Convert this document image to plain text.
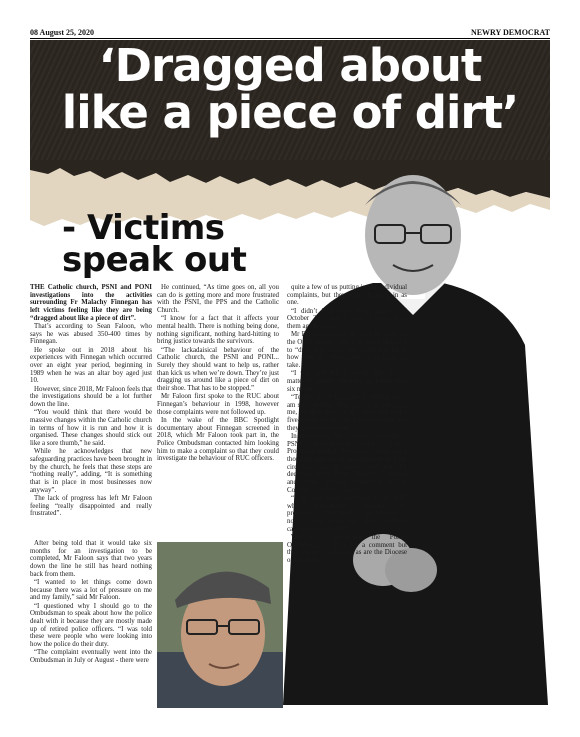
08 August 25, 2020	NEWRY DEMOCRAT
‘Dragged about
like a piece of dirt’
- Victims
speak out

THE Catholic church, PSNI and PONI investigations into the activities surrounding Fr Malachy Finnegan has left victims feeling like they are being “dragged about like a piece of dirt”.

That’s according to Sean Faloon, who says he was abused 350-400 times by Finnegan.

He spoke out in 2018 about his experiences with Finnegan which occurred over an eight year period, beginning in 1989 when he was an altar boy aged just 10.

However, since 2018, Mr Faloon feels that the investigations should be a lot further down the line.

“You would think that there would be massive changes within the Catholic church in terms of how it is run and how it is organised. These changes should stick out like a sore thumb,” he said.

While he acknowledges that new safeguarding practices have been brought in by the church, he feels that these steps are “nothing really”, adding, “It is something that is in place in most businesses now anyway”.

The lack of progress has left Mr Faloon feeling “really disappointed and really frustrated”.

He continued, “As time goes on, all you can do is getting more and more frustrated with the PSNI, the PPS and the Catholic Church.

“I know for a fact that it affects your mental health. There is nothing being done, nothing significant, nothing hard-hitting to bring justice towards the survivors.

“The lackadaisical behaviour of the Catholic church, the PSNI and PONI... Surely they should want to help us, rather than kick us when we’re down. They’re just dragging us around like a piece of dirt on their shoe. That has to be stopped.”

Mr Faloon first spoke to the RUC about Finnegan’s behaviour in 1998, however those complaints were not followed up.

In the wake of the BBC Spotlight documentary about Finnegan screened in 2018, which Mr Faloon took part in, the Police Ombudsman contacted him looking him to make a complaint so that they could investigate the behaviour of RUC officers.

After being told that it would take six months for an investigation to be completed, Mr Faloon says that two years down the line he still has heard nothing back from them.

“I wanted to let things come down because there was a lot of pressure on me and my family,” said Mr Faloon.

“I questioned why I should go to the Ombudsman to speak about how the police dealt with it because they are mostly made up of retired police officers. “I was told these were people who were looking into how the police do their duty.

“The complaint eventually went into the Ombudsman in July or August - there were

quite a few of us putting in our individual complaints, but they were all going in as one.

“I didn’t hear from them again until October 2018 and I haven’t heard from them again since.”

Mr Faloon says that in when he spoke to the Ombudsman’s office he urged them not to “drag their heels” and wanted to know how long the investigation was going to take.

“I was told that it would take only a matter of months, definitely no longer than six months.

“To this day I have heard nothing and I am still pushing. They are yet to interview me, all they have is my complaint and a five-minute phone call acknowledging that they got my complaint.”

In response to Mr Faloon’s comments, a PSNI spokesperson said, “Public Protection Branch detectives carried out a thorough and robust investigation into the circumstances of abuse committed by deceased priest Father Malachy Finnegan and other persons connected to St Colman’s College, Newry.

“Nine files were submitted to the PPS who subsequently directed no prosecution.“The decision on whether or not to pursue prosecution in any criminal case rests with the PPS.”

We also approached the Police Ombudsman’s office for a comment but they are yet to respond, as are the Diocese of Dromore.
